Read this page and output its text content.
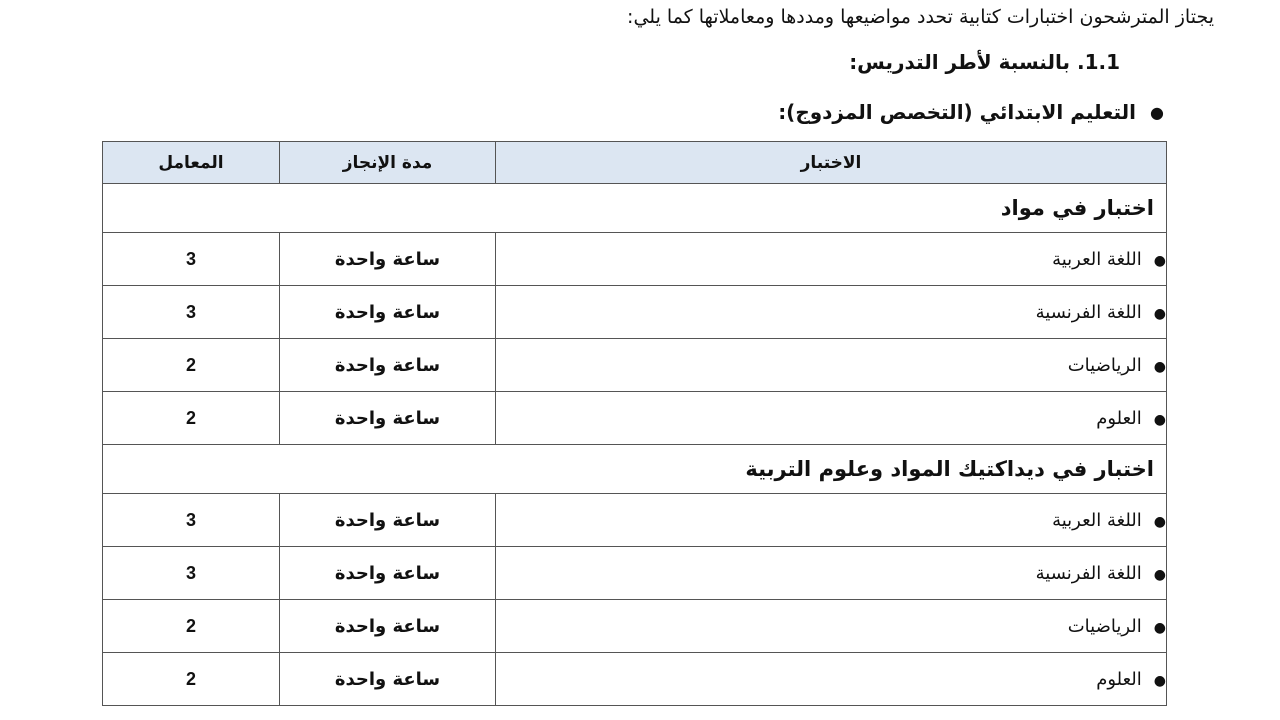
يجتاز المترشحون اختبارات كتابية تحدد مواضيعها ومددها ومعاملاتها كما يلي:
1.1. بالنسبة لأطر التدريس:
●
التعليم الابتدائي (التخصص المزدوج):
الاختبار	مدة الإنجاز	المعامل
اختبار في مواد		
●اللغة العربية	ساعة واحدة	3
●اللغة الفرنسية	ساعة واحدة	3
●الرياضيات	ساعة واحدة	2
●العلوم	ساعة واحدة	2
اختبار في ديداكتيك المواد وعلوم التربية		
●اللغة العربية	ساعة واحدة	3
●اللغة الفرنسية	ساعة واحدة	3
●الرياضيات	ساعة واحدة	2
●العلوم	ساعة واحدة	2
